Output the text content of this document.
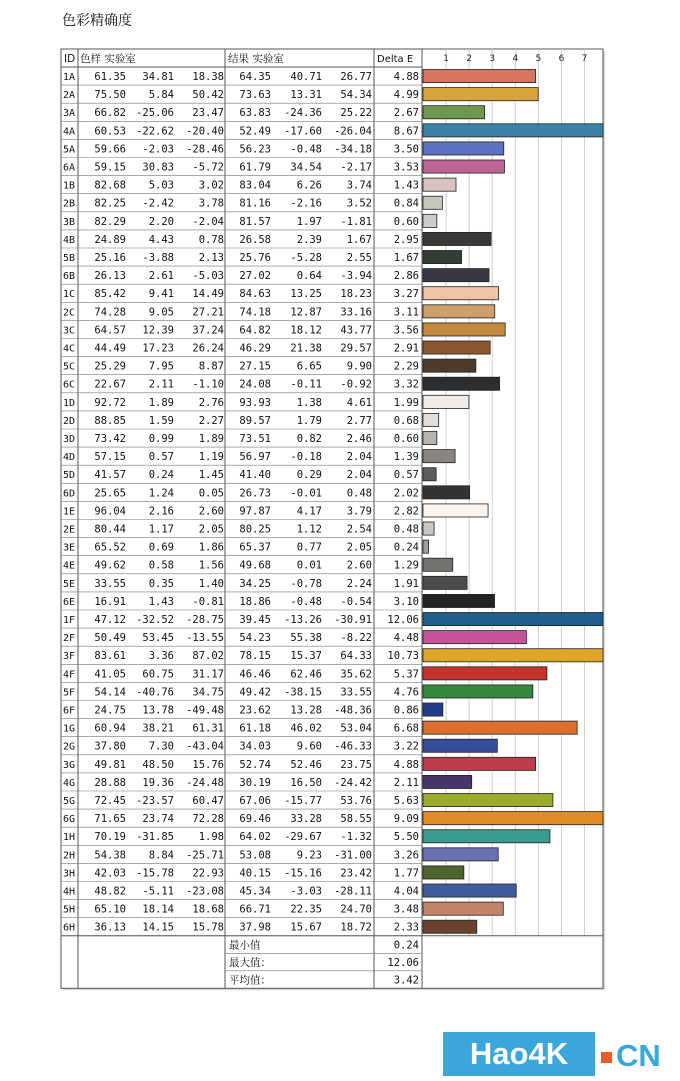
色彩精确度
1 2 3 4 5 6 7
ID 色样 实验室	结果 实验室	Delta E
1A 61.35 34.81 18.38 64.35 40.71 26.77 4.88
2A 75.50 5.84 50.42 73.63 13.31 54.34 4.99
3A 66.82 -25.06 23.47 63.83 -24.36 25.22 2.67
4A 60.53 -22.62 -20.40 52.49 -17.60 -26.04 8.67
5A 59.66 -2.03 -28.46 56.23 -0.48 -34.18 3.50
6A 59.15 30.83 -5.72 61.79 34.54 -2.17 3.53
1B 82.68 5.03 3.02 83.04 6.26 3.74 1.43
2B 82.25 -2.42 3.78 81.16 -2.16 3.52 0.84
3B 82.29 2.20 -2.04 81.57 1.97 -1.81 0.60
4B 24.89 4.43 0.78 26.58 2.39 1.67 2.95
5B 25.16 -3.88 2.13 25.76 -5.28 2.55 1.67
6B 26.13 2.61 -5.03 27.02 0.64 -3.94 2.86
1C 85.42 9.41 14.49 84.63 13.25 18.23 3.27
2C 74.28 9.05 27.21 74.18 12.87 33.16 3.11
3C 64.57 12.39 37.24 64.82 18.12 43.77 3.56
4C 44.49 17.23 26.24 46.29 21.38 29.57 2.91
5C 25.29 7.95 8.87 27.15 6.65 9.90 2.29
6C 22.67 2.11 -1.10 24.08 -0.11 -0.92 3.32
1D 92.72 1.89 2.76 93.93 1.38 4.61 1.99
2D 88.85 1.59 2.27 89.57 1.79 2.77 0.68
3D 73.42 0.99 1.89 73.51 0.82 2.46 0.60
4D 57.15 0.57 1.19 56.97 -0.18 2.04 1.39
5D 41.57 0.24 1.45 41.40 0.29 2.04 0.57
6D 25.65 1.24 0.05 26.73 -0.01 0.48 2.02
1E 96.04 2.16 2.60 97.87 4.17 3.79 2.82
2E 80.44 1.17 2.05 80.25 1.12 2.54 0.48
3E 65.52 0.69 1.86 65.37 0.77 2.05 0.24
4E 49.62 0.58 1.56 49.68 0.01 2.60 1.29
5E 33.55 0.35 1.40 34.25 -0.78 2.24 1.91
6E 16.91 1.43 -0.81 18.86 -0.48 -0.54 3.10
1F 47.12 -32.52 -28.75 39.45 -13.26 -30.91 12.06
2F 50.49 53.45 -13.55 54.23 55.38 -8.22 4.48
3F 83.61 3.36 87.02 78.15 15.37 64.33 10.73
4F 41.05 60.75 31.17 46.46 62.46 35.62 5.37
5F 54.14 -40.76 34.75 49.42 -38.15 33.55 4.76
6F 24.75 13.78 -49.48 23.62 13.28 -48.36 0.86
1G 60.94 38.21 61.31 61.18 46.02 53.04 6.68
2G 37.80 7.30 -43.04 34.03 9.60 -46.33 3.22
3G 49.81 48.50 15.76 52.74 52.46 23.75 4.88
4G 28.88 19.36 -24.48 30.19 16.50 -24.42 2.11
5G 72.45 -23.57 60.47 67.06 -15.77 53.76 5.63
6G 71.65 23.74 72.28 69.46 33.28 58.55 9.09
1H 70.19 -31.85 1.98 64.02 -29.67 -1.32 5.50
2H 54.38 8.84 -25.71 53.08 9.23 -31.00 3.26
3H 42.03 -15.78 22.93 40.15 -15.16 23.42 1.77
4H 48.82 -5.11 -23.08 45.34 -3.03 -28.11 4.04
5H 65.10 18.14 18.68 66.71 22.35 24.70 3.48
6H 36.13 14.15 15.78 37.98 15.67 18.72 2.33
最小值	0.24
最大值：	12.06
平均值：	3.42
Hao4K	CN
